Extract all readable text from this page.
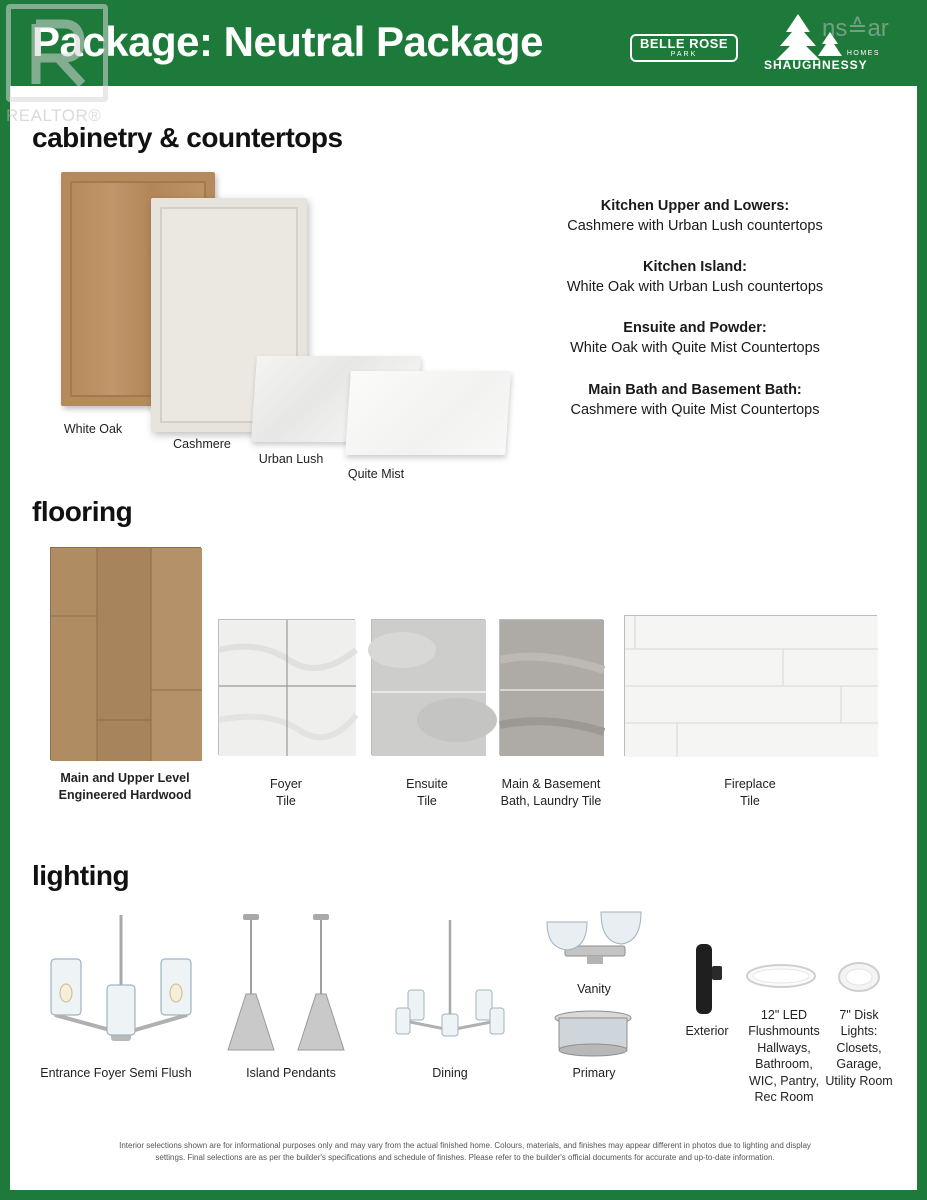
Package: Neutral Package	BELLE ROSE
PARK	HOMES
SHAUGHNESSY
REALTOR®
ns≙ar
cabinetry & countertops
White Oak
Cashmere
Urban Lush
Quite Mist
Kitchen Upper and Lowers:
Cashmere with Urban Lush countertops
Kitchen Island:
White Oak with Urban Lush countertops
Ensuite and Powder:
White Oak with Quite Mist Countertops
Main Bath and Basement Bath:
Cashmere with Quite Mist Countertops
flooring
Main and Upper Level
Engineered Hardwood
Foyer
Tile
Ensuite
Tile
Main & Basement
Bath, Laundry Tile
Fireplace
Tile
lighting
Entrance Foyer Semi Flush	Island Pendants	Dining
Vanity
Primary
Exterior
12" LED
Flushmounts
Hallways,
Bathroom,
WIC, Pantry,
Rec Room
7" Disk
Lights:
Closets,
Garage,
Utility Room
Interior selections shown are for informational purposes only and may vary from the actual finished home. Colours, materials, and finishes may appear different in photos due to lighting and display
settings. Final selections are as per the builder's specifications and schedule of finishes. Please refer to the builder's official documents for accurate and up-to-date information.
